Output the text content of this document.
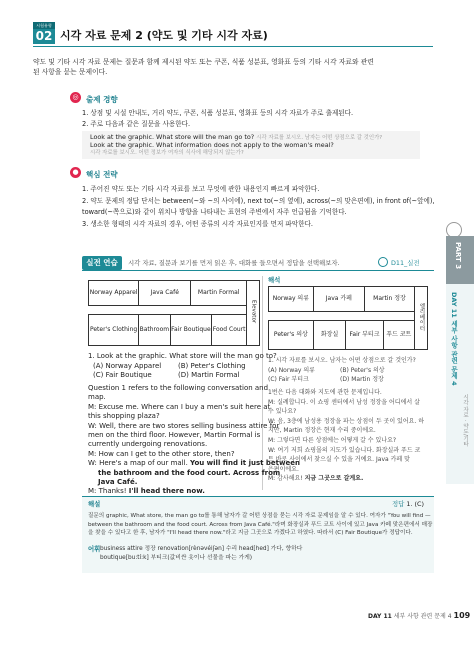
시험유형
02 시각 자료 문제 2 (약도 및 기타 시각 자료)
약도 및 기타 시각 자료 문제는 질문과 함께 제시된 약도 또는 쿠폰, 식품 성분표, 영화표 등의 기타 시각 자료와 관련
된 사항을 묻는 문제이다.
◎ 출제 경향
1. 상점 및 시설 안내도, 거리 약도, 쿠폰, 식품 성분표, 영화표 등의 시각 자료가 주로 출제된다.
2. 주로 다음과 같은 질문을 사용한다.
Look at the graphic. What store will the man go to? 시각 자료를 보시오. 남자는 어떤 상점으로 갈 것인가?
Look at the graphic. What information does not apply to the woman's meal?
시각 자료를 보시오. 어떤 정보가 여자의 식사에 해당되지 않는가?
● 핵심 전략
1. 주어진 약도 또는 기타 시각 자료를 보고 무엇에 관한 내용인지 빠르게 파악한다.
2. 약도 문제의 정답 단서는 between(~와 ~의 사이에), next to(~의 옆에), across(~의 맞은편에), in front of(~앞에),
toward(~쪽으로)와 같이 위치나 방향을 나타내는 표현의 주변에서 자주 언급됨을 기억한다.
3. 생소한 형태의 시각 자료의 경우, 어떤 종류의 시각 자료인지를 먼저 파악한다.
실전 연습	시각 자료, 질문과 보기를 먼저 읽은 후, 대화를 들으면서 정답을 선택해보자.	D11_실전
Norway Apparel	Java Café		Martin Formal		Elevator

Peter's Clothing	Bathroom	Fair Boutique		Food Court	
1. Look at the graphic. What store will the man go to?
(A) Norway Apparel (B) Peter's Clothing
(C) Fair Boutique	(D) Martin Formal
Question 1 refers to the following conversation and
map.
M: Excuse me. Where can I buy a men's suit here at
this shopping plaza?
W: Well, there are two stores selling business attire for
men on the third floor. However, Martin Formal is
currently undergoing renovations.
M: How can I get to the other store, then?
W: Here's a map of our mall. You will find it just between
the bathroom and the food court. Across from
Java Café.
M: Thanks! I'll head there now.
해석
Norway 의류	Java 카페		Martin 정장		엘리베이터

Peter's 의상	화장실	Fair 부티크		푸드 코트	
1. 시각 자료를 보시오. 남자는 어떤 상점으로 갈 것인가?
(A) Norway 의류	(B) Peter's 의상
(C) Fair 부티크	(D) Martin 정장
1번은 다음 대화와 지도에 관한 문제입니다.
M: 실례합니다. 이 쇼핑 센터에서 남성 정장을 어디에서 살
수 있나요?
W: 음, 3층에 남성용 정장을 파는 상점이 두 곳이 있어요. 하
지만, Martin 정장은 현재 수리 중이에요.
M: 그렇다면 다른 상점에는 어떻게 갈 수 있나요?
W: 여기 저희 쇼핑몰의 지도가 있습니다. 화장실과 푸드 코
트 바로 사이에서 찾으실 수 있을 거예요. Java 카페 맞
은편이에요.
M: 감사해요! 지금 그곳으로 갈게요.
해설	정답 1. (C)
질문의 graphic, What store, the man go to를 통해 남자가 갈 어떤 상점을 묻는 시각 자료 문제임을 알 수 있다. 여자가 "You will find —
between the bathroom and the food court. Across from Java Café."라며 화장실과 푸드 코트 사이에 있고 Java 카페 맞은편에서 매장
을 찾을 수 있다고 한 후, 남자가 "I'll head there now."라고 지금 그곳으로 가겠다고 하였다. 따라서 (C) Fair Boutique가 정답이다.
어휘 business attire 정장 renovation[rènəvéiʃən] 수리 head[hed] 가다, 향하다
boutique[bu:tí:k] 부티크(값비싼 옷이나 선물을 파는 가게)
PART 3
DAY 11 세부 사항 관련 문제 4
시각 자료 · 약도/기타
DAY 11 세부 사항 관련 문제 4 109
